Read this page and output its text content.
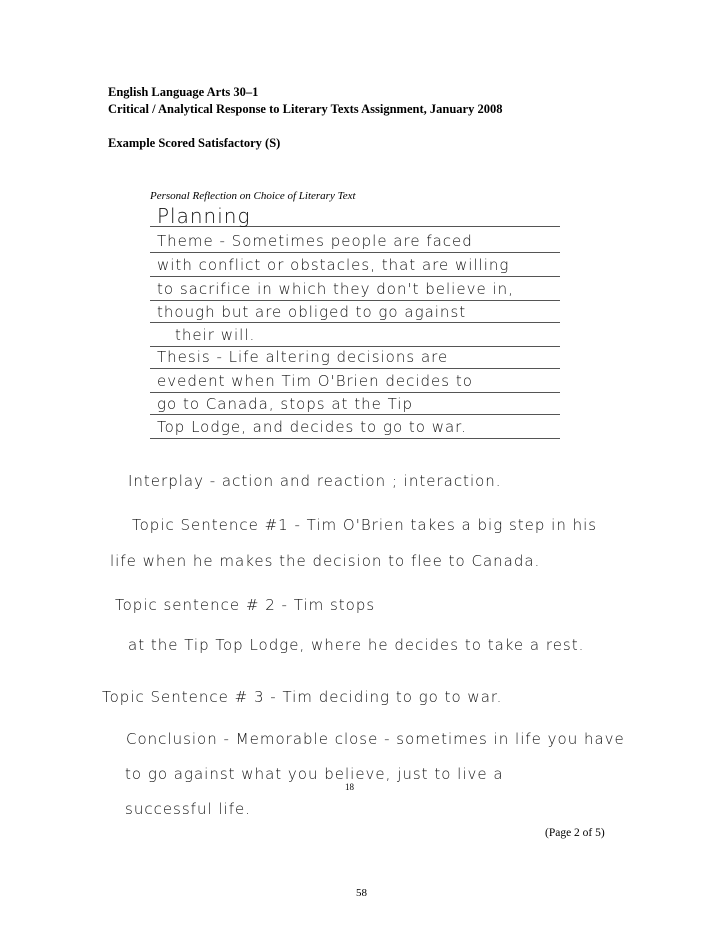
English Language Arts 30–1
Critical / Analytical Response to Literary Texts Assignment, January 2008
Example Scored Satisfactory (S)
Personal Reflection on Choice of Literary Text
Planning
Theme - Sometimes people are faced
with conflict or obstacles, that are willing
to sacrifice in which they don't believe in,
though but are obliged to go against
their will.
Thesis - Life altering decisions are
evedent when Tim O'Brien decides to
go to Canada, stops at the Tip
Top Lodge, and decides to go to war.
Interplay - action and reaction ; interaction.
Topic Sentence #1 - Tim O'Brien takes a big step in his
life when he makes the decision to flee to Canada.
Topic sentence # 2 - Tim stops
at the Tip Top Lodge, where he decides to take a rest.
Topic Sentence # 3 - Tim deciding to go to war.
Conclusion - Memorable close - sometimes in life you have
to go against what you believe, just to live a
successful life.
18
(Page 2 of 5)
58
